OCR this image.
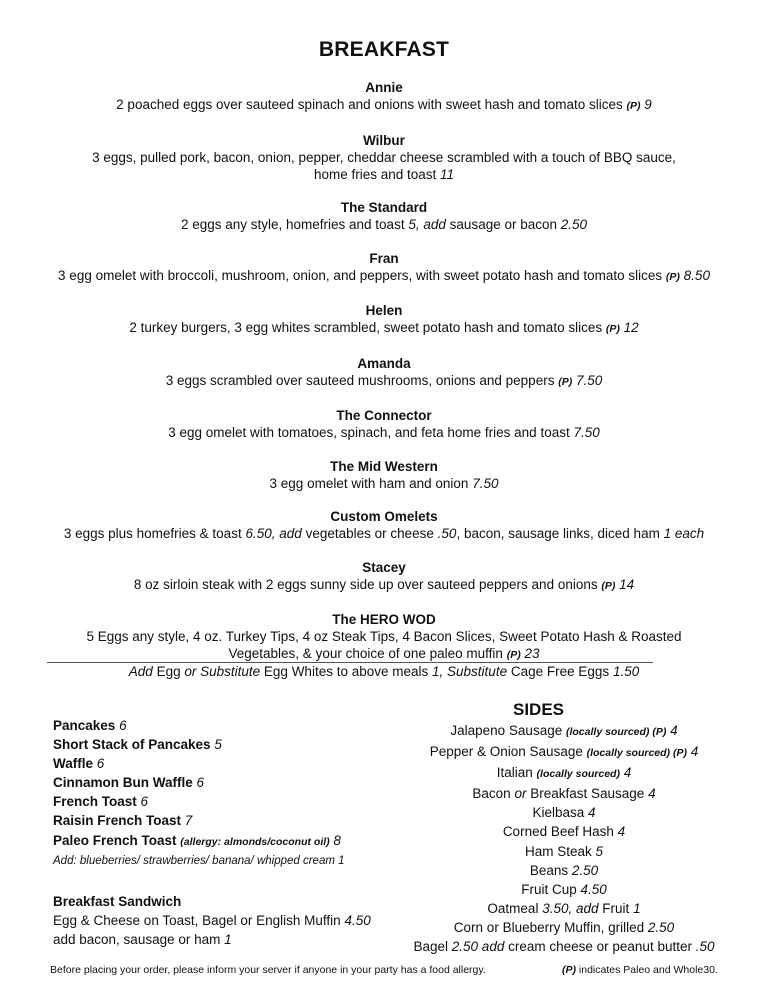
BREAKFAST
Annie
2 poached eggs over sauteed spinach and onions with sweet hash and tomato slices (P) 9
Wilbur
3 eggs, pulled pork, bacon, onion, pepper, cheddar cheese scrambled with a touch of BBQ sauce,
home fries and toast 11
The Standard
2 eggs any style, homefries and toast 5, add sausage or bacon 2.50
Fran
3 egg omelet with broccoli, mushroom, onion, and peppers, with sweet potato hash and tomato slices (P) 8.50
Helen
2 turkey burgers, 3 egg whites scrambled, sweet potato hash and tomato slices (P) 12
Amanda
3 eggs scrambled over sauteed mushrooms, onions and peppers (P) 7.50
The Connector
3 egg omelet with tomatoes, spinach, and feta home fries and toast 7.50
The Mid Western
3 egg omelet with ham and onion 7.50
Custom Omelets
3 eggs plus homefries & toast 6.50, add vegetables or cheese .50, bacon, sausage links, diced ham 1 each
Stacey
8 oz sirloin steak with 2 eggs sunny side up over sauteed peppers and onions (P) 14
The HERO WOD
5 Eggs any style, 4 oz. Turkey Tips, 4 oz Steak Tips, 4 Bacon Slices, Sweet Potato Hash & Roasted
Vegetables, & your choice of one paleo muffin (P) 23
Add Egg or Substitute Egg Whites to above meals 1, Substitute Cage Free Eggs 1.50
Pancakes 6
Short Stack of Pancakes 5
Waffle 6
Cinnamon Bun Waffle 6
French Toast 6
Raisin French Toast 7
Paleo French Toast (allergy: almonds/coconut oil) 8
Add: blueberries/ strawberries/ banana/ whipped cream 1
Breakfast Sandwich
Egg & Cheese on Toast, Bagel or English Muffin 4.50
add bacon, sausage or ham 1
SIDES
Jalapeno Sausage (locally sourced) (P) 4
Pepper & Onion Sausage (locally sourced) (P) 4
Italian (locally sourced) 4
Bacon or Breakfast Sausage 4
Kielbasa 4
Corned Beef Hash 4
Ham Steak 5
Beans 2.50
Fruit Cup 4.50
Oatmeal 3.50, add Fruit 1
Corn or Blueberry Muffin, grilled 2.50
Bagel 2.50 add cream cheese or peanut butter .50
Before placing your order, please inform your server if anyone in your party has a food allergy.	(P) indicates Paleo and Whole30.
